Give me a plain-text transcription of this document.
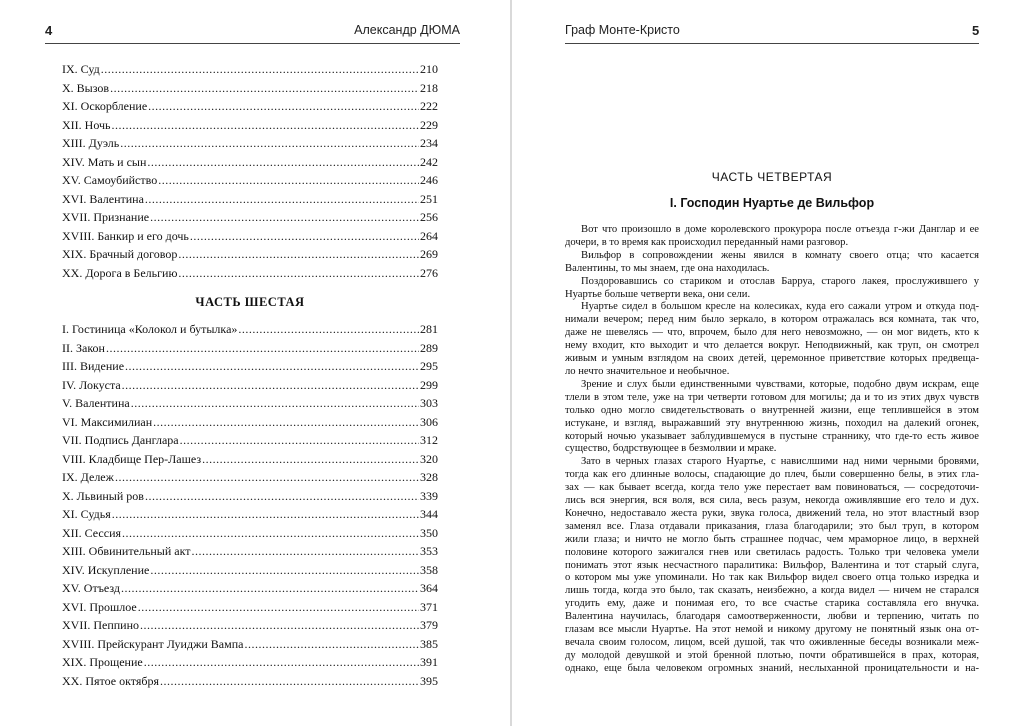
4	Александр ДЮМА
IX. Суд .....	210
X. Вызов .....	218
XI. Оскорбление .....	222
XII. Ночь .....	229
XIII. Дуэль .....	234
XIV. Мать и сын .....	242
XV. Самоубийство .....	246
XVI. Валентина .....	251
XVII. Признание .....	256
XVIII. Банкир и его дочь .....	264
XIX. Брачный договор .....	269
XX. Дорога в Бельгию .....	276
ЧАСТЬ ШЕСТАЯ
I. Гостиница «Колокол и бутылка» .....	281
II. Закон .....	289
III. Видение .....	295
IV. Локуста .....	299
V. Валентина .....	303
VI. Максимилиан .....	306
VII. Подпись Данглара .....	312
VIII. Кладбище Пер-Лашез .....	320
IX. Дележ .....	328
X. Львиный ров .....	339
XI. Судья .....	344
XII. Сессия .....	350
XIII. Обвинительный акт .....	353
XIV. Искупление .....	358
XV. Отъезд .....	364
XVI. Прошлое .....	371
XVII. Пеппино .....	379
XVIII. Прейскурант Луиджи Вампа .....	385
XIX. Прощение .....	391
XX. Пятое октября .....	395
Граф Монте-Кристо	5
ЧАСТЬ ЧЕТВЕРТАЯ
I. Господин Нуартье де Вильфор
Вот что произошло в доме королевского прокурора после отъезда г-жи Данглар и ее
дочери, в то время как происходил переданный нами разговор.
Вильфор в сопровождении жены явился в комнату своего отца; что касается
Валентины, то мы знаем, где она находилась.
Поздоровавшись со стариком и отослав Барруа, старого лакея, прослужившего у
Нуартье больше четверти века, они сели.
Нуартье сидел в большом кресле на колесиках, куда его сажали утром и откуда под-
нимали вечером; перед ним было зеркало, в котором отражалась вся комната, так что,
даже не шевелясь — что, впрочем, было для него невозможно, — он мог видеть, кто к
нему входит, кто выходит и что делается вокруг. Неподвижный, как труп, он смотрел
живым и умным взглядом на своих детей, церемонное приветствие которых предвеща-
ло нечто значительное и необычное.
Зрение и слух были единственными чувствами, которые, подобно двум искрам, еще
тлели в этом теле, уже на три четверти готовом для могилы; да и то из этих двух чувств
только одно могло свидетельствовать о внутренней жизни, еще теплившейся в этом
истукане, и взгляд, выражавший эту внутреннюю жизнь, походил на далекий огонек,
который ночью указывает заблудившемуся в пустыне страннику, что где-то есть живое
существо, бодрствующее в безмолвии и мраке.
Зато в черных глазах старого Нуартье, с навислшими над ними черными бровями,
тогда как его длинные волосы, спадающие до плеч, были совершенно белы, в этих гла-
зах — как бывает всегда, когда тело уже перестает вам повиноваться, — сосредоточи-
лись вся энергия, вся воля, вся сила, весь разум, некогда оживлявшие его тело и дух.
Конечно, недоставало жеста руки, звука голоса, движений тела, но этот властный взор
заменял все. Глаза отдавали приказания, глаза благодарили; это был труп, в котором
жили глаза; и ничто не могло быть страшнее подчас, чем мраморное лицо, в верхней
половине которого зажигался гнев или светилась радость. Только три человека умели
понимать этот язык несчастного паралитика: Вильфор, Валентина и тот старый слуга,
о котором мы уже упоминали. Но так как Вильфор видел своего отца только изредка и
лишь тогда, когда это было, так сказать, неизбежно, а когда видел — ничем не старался
угодить ему, даже и понимая его, то все счастье старика составляла его внучка.
Валентина научилась, благодаря самоотверженности, любви и терпению, читать по
глазам все мысли Нуартье. На этот немой и никому другому не понятный язык она от-
вечала своим голосом, лицом, всей душой, так что оживленные беседы возникали меж-
ду молодой девушкой и этой бренной плотью, почти обратившейся в прах, которая,
однако, еще была человеком огромных знаний, неслыханной проницательности и на-
